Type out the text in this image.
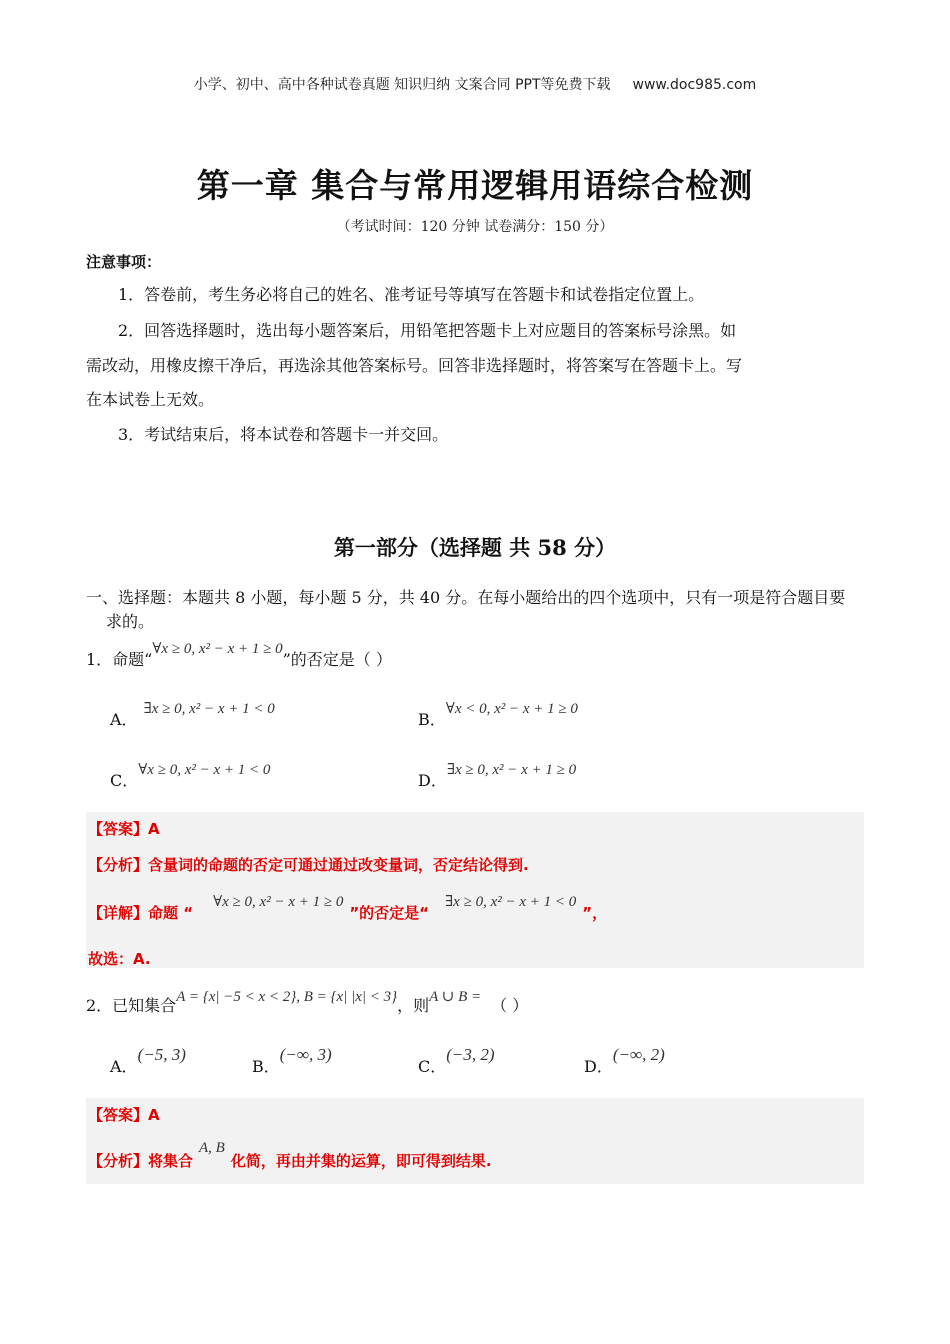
小学、初中、高中各种试卷真题 知识归纳 文案合同 PPT等免费下载 www.doc985.com
第一章 集合与常用逻辑用语综合检测
（考试时间：120 分钟 试卷满分：150 分）
注意事项：
1．答卷前，考生务必将自己的姓名、准考证号等填写在答题卡和试卷指定位置上。
2．回答选择题时，选出每小题答案后，用铅笔把答题卡上对应题目的答案标号涂黑。如
需改动，用橡皮擦干净后，再选涂其他答案标号。回答非选择题时，将答案写在答题卡上。写
在本试卷上无效。
3．考试结束后，将本试卷和答题卡一并交回。
第一部分（选择题 共 58 分）
一、选择题：本题共 8 小题，每小题 5 分，共 40 分。在每小题给出的四个选项中，只有一项是符合题目要
求的。
1．命题“∀x ≥ 0, x² − x + 1 ≥ 0”的否定是（ ）
A．∃x ≥ 0, x² − x + 1 < 0
B．∀x < 0, x² − x + 1 ≥ 0
C．∀x ≥ 0, x² − x + 1 < 0
D．∃x ≥ 0, x² − x + 1 ≥ 0
【答案】A
【分析】含量词的命题的否定可通过通过改变量词，否定结论得到.
【详解】命题 “∀x ≥ 0, x² − x + 1 ≥ 0”的否定是“∃x ≥ 0, x² − x + 1 < 0”，
故选：A.
2．已知集合A = {x| −5 < x < 2}, B = {x| |x| < 3}，则A ∪ B = （ ）
A．(−5, 3)
B．(−∞, 3)
C．(−3, 2)
D．(−∞, 2)
【答案】A
【分析】将集合A, B化简，再由并集的运算，即可得到结果.
